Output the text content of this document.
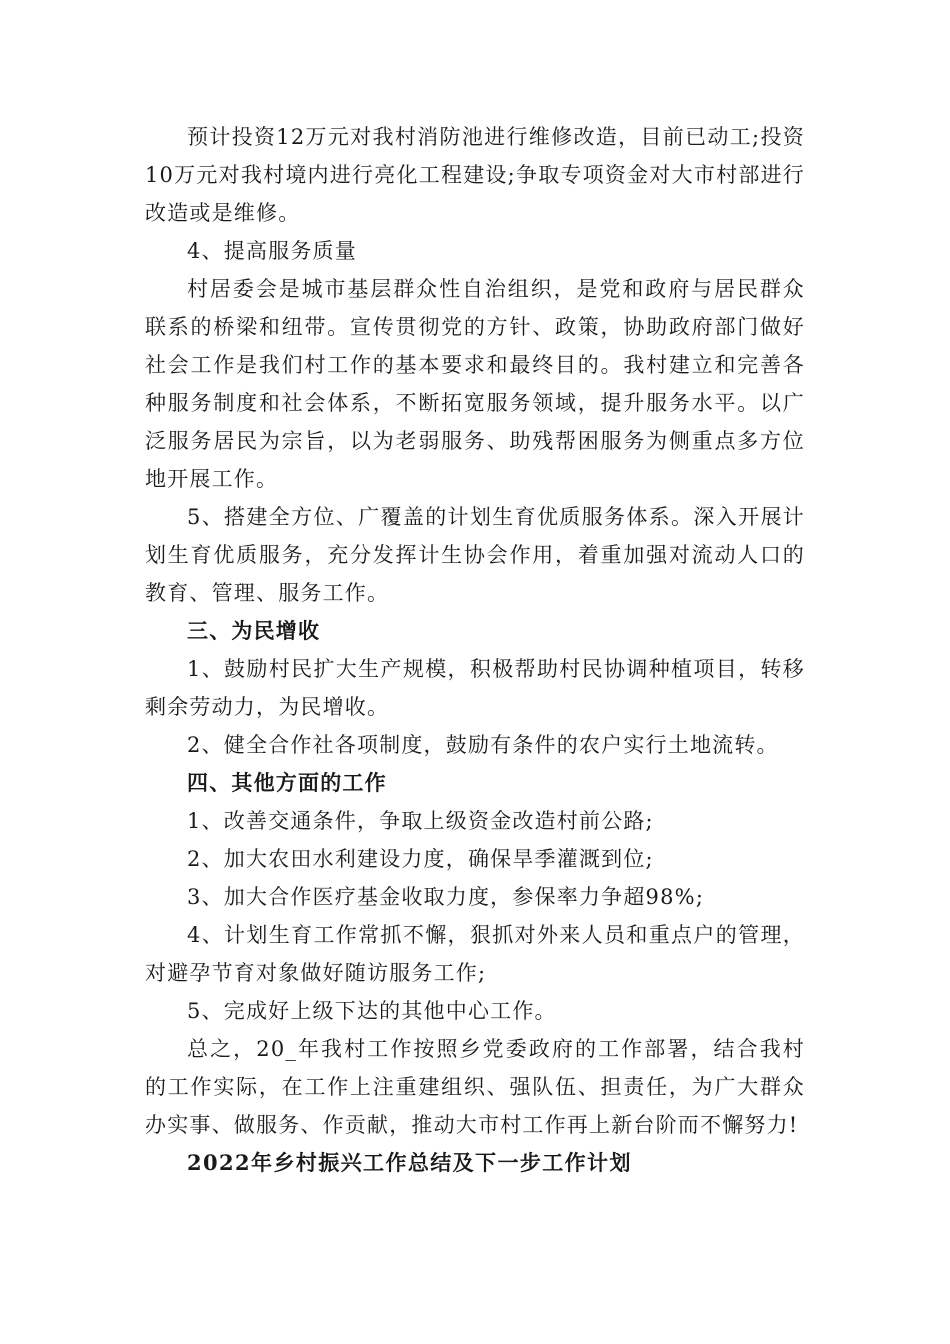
预计投资12万元对我村消防池进行维修改造，目前已动工;投资10万元对我村境内进行亮化工程建设;争取专项资金对大市村部进行改造或是维修。

4、提高服务质量

村居委会是城市基层群众性自治组织，是党和政府与居民群众联系的桥梁和纽带。宣传贯彻党的方针、政策，协助政府部门做好社会工作是我们村工作的基本要求和最终目的。我村建立和完善各种服务制度和社会体系，不断拓宽服务领域，提升服务水平。以广泛服务居民为宗旨，以为老弱服务、助残帮困服务为侧重点多方位地开展工作。

5、搭建全方位、广覆盖的计划生育优质服务体系。深入开展计划生育优质服务，充分发挥计生协会作用，着重加强对流动人口的教育、管理、服务工作。

三、为民增收

1、鼓励村民扩大生产规模，积极帮助村民协调种植项目，转移剩余劳动力，为民增收。

2、健全合作社各项制度，鼓励有条件的农户实行土地流转。

四、其他方面的工作

1、改善交通条件，争取上级资金改造村前公路;

2、加大农田水利建设力度，确保旱季灌溉到位;

3、加大合作医疗基金收取力度，参保率力争超98%;

4、计划生育工作常抓不懈，狠抓对外来人员和重点户的管理，对避孕节育对象做好随访服务工作;

5、完成好上级下达的其他中心工作。

总之，20_年我村工作按照乡党委政府的工作部署，结合我村的工作实际，在工作上注重建组织、强队伍、担责任，为广大群众办实事、做服务、作贡献，推动大市村工作再上新台阶而不懈努力!

2022年乡村振兴工作总结及下一步工作计划
